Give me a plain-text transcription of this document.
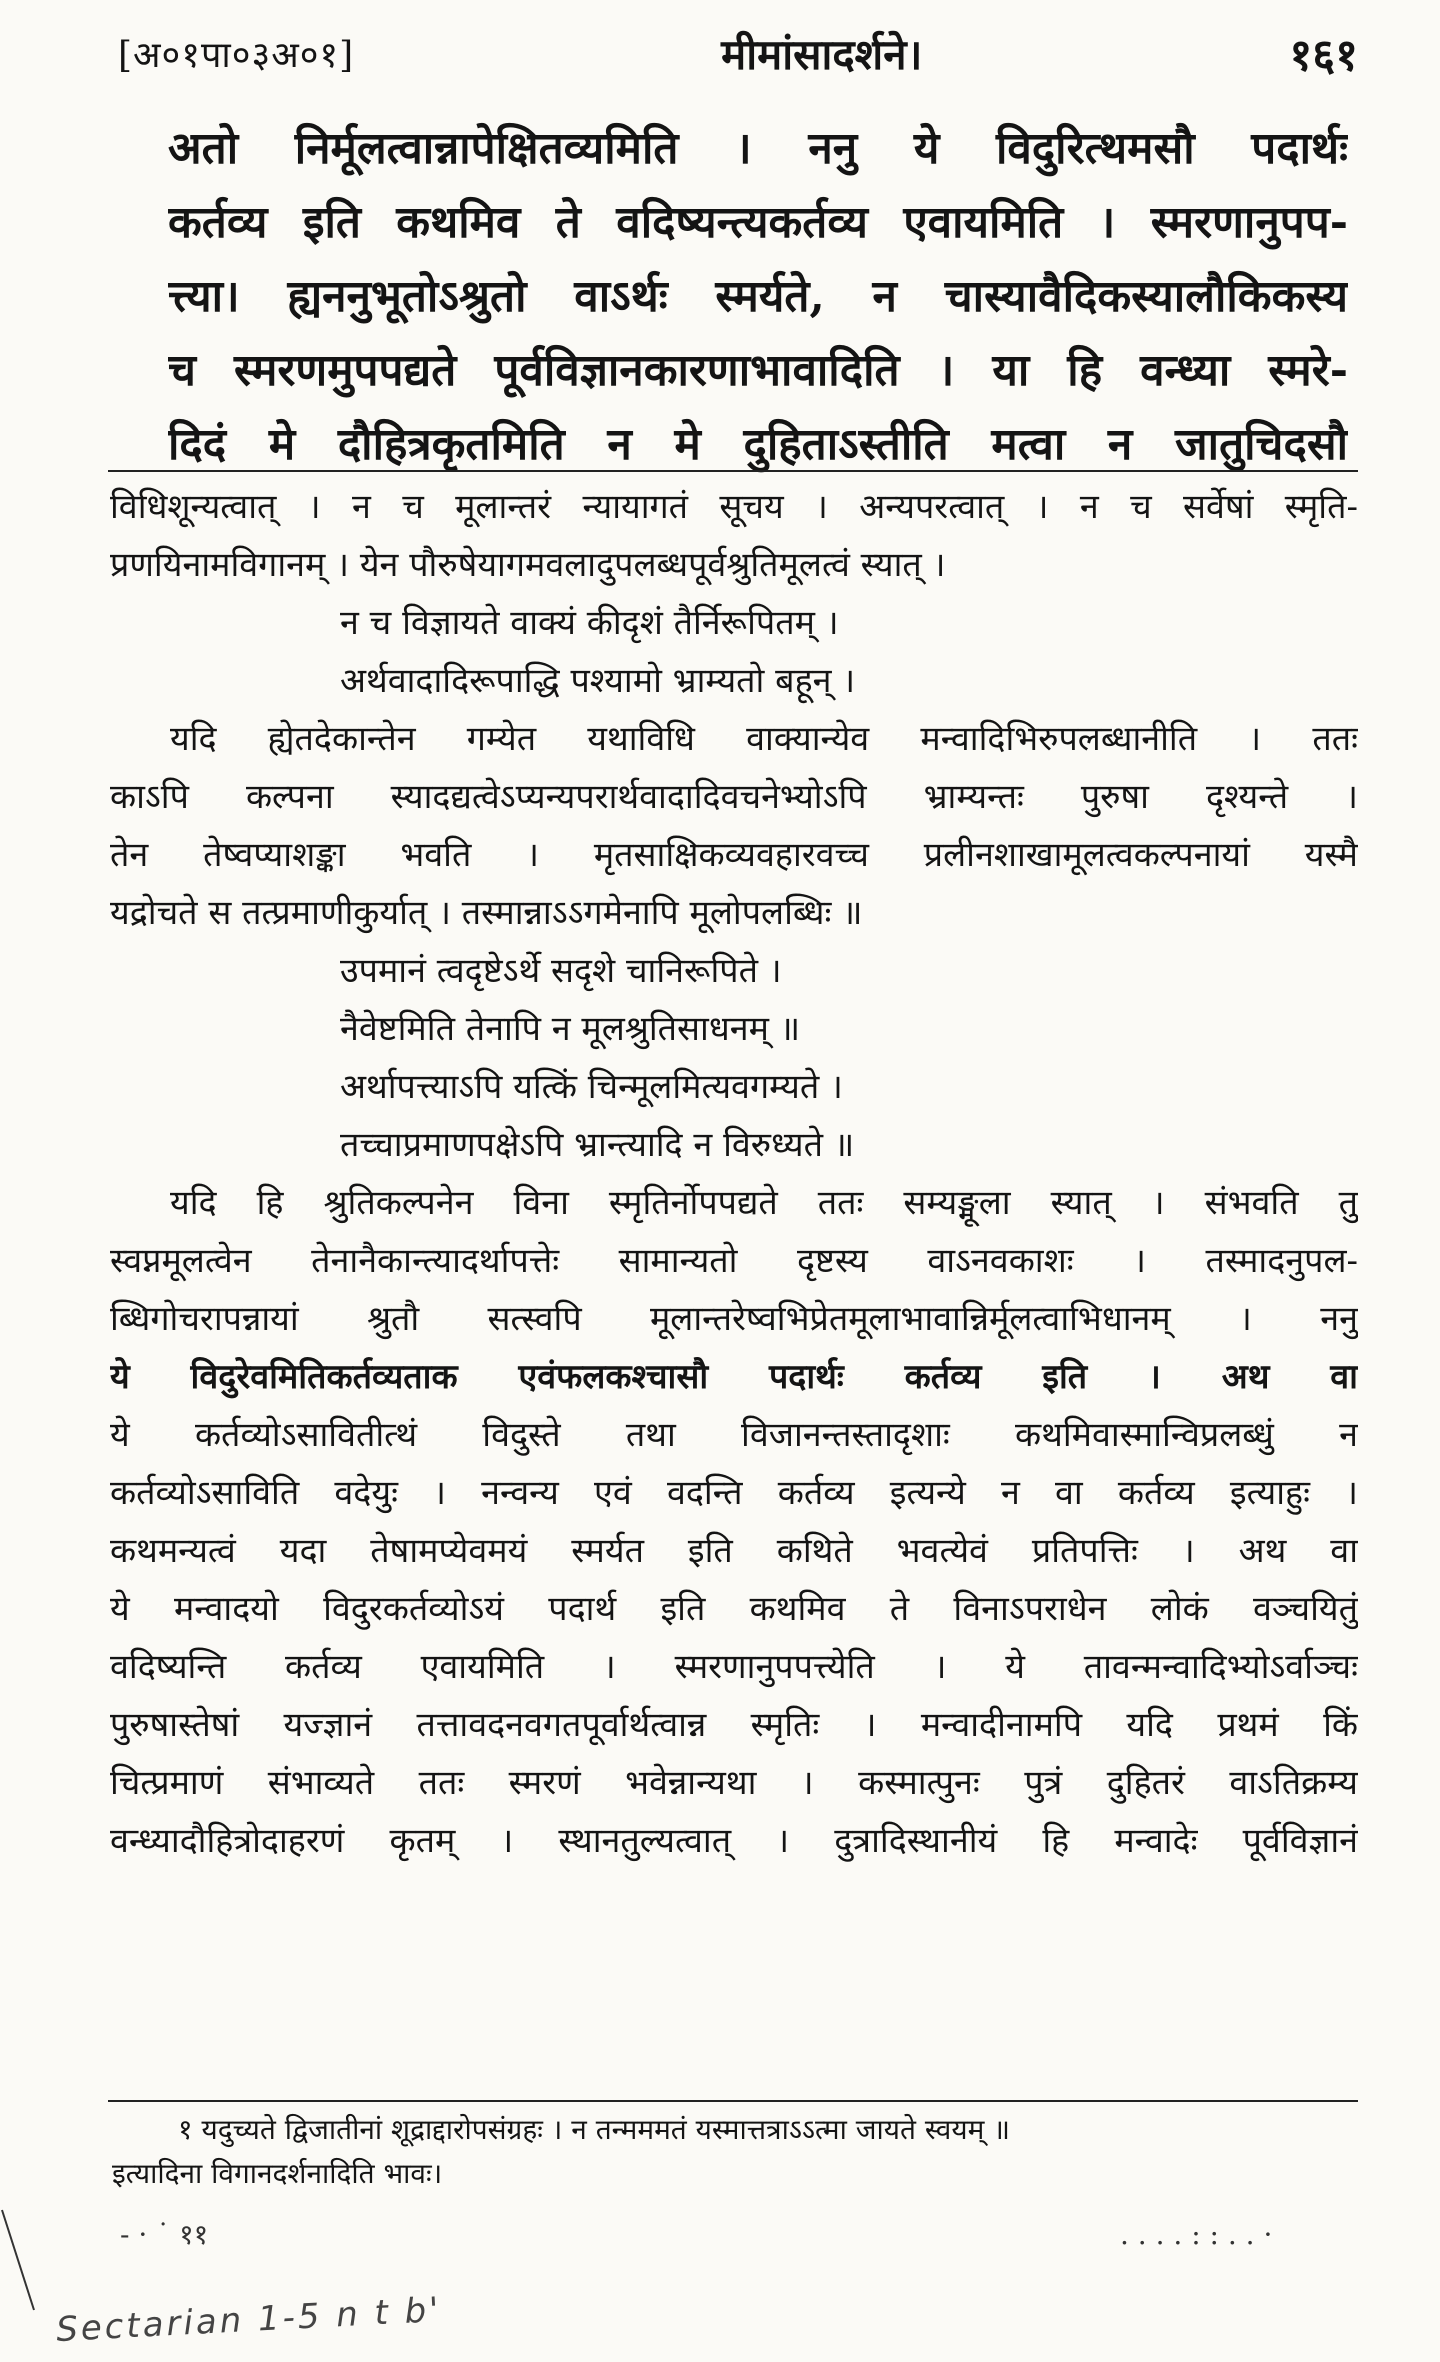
[अ०१पा०३अ०१]	मीमांसादर्शने।	१६१
अतो निर्मूलत्वान्नापेक्षितव्यमिति । ननु ये विदुरित्थमसौ पदार्थः
कर्तव्य इति कथमिव ते वदिष्यन्त्यकर्तव्य एवायमिति । स्मरणानुपप-
त्त्या। ह्यननुभूतोऽश्रुतो वाऽर्थः स्मर्यते, न चास्यावैदिकस्यालौकिकस्य
च स्मरणमुपपद्यते पूर्वविज्ञानकारणाभावादिति । या हि वन्ध्या स्मरे-
दिदं मे दौहित्रकृतमिति न मे दुहिताऽस्तीति मत्वा न जातुचिदसौ
विधिशून्यत्वात् । न च मूलान्तरं न्यायागतं सूचय । अन्यपरत्वात् । न च सर्वेषां स्मृति-
प्रणयिनामविगानम् । येन पौरुषेयागमवलादुपलब्धपूर्वश्रुतिमूलत्वं स्यात् ।
न च विज्ञायते वाक्यं कीदृशं तैर्निरूपितम् ।
अर्थवादादिरूपाद्धि पश्यामो भ्राम्यतो बहून् ।
यदि ह्येतदेकान्तेन गम्येत यथाविधि वाक्यान्येव मन्वादिभिरुपलब्धानीति । ततः
काऽपि कल्पना स्यादद्यत्वेऽप्यन्यपरार्थवादादिवचनेभ्योऽपि भ्राम्यन्तः पुरुषा दृश्यन्ते ।
तेन तेष्वप्याशङ्का भवति । मृतसाक्षिकव्यवहारवच्च प्रलीनशाखामूलत्वकल्पनायां यस्मै
यद्रोचते स तत्प्रमाणीकुर्यात् । तस्मान्नाऽऽगमेनापि मूलोपलब्धिः ॥
उपमानं त्वदृष्टेऽर्थे सदृशे चानिरूपिते ।
नैवेष्टमिति तेनापि न मूलश्रुतिसाधनम् ॥
अर्थापत्त्याऽपि यत्किं चिन्मूलमित्यवगम्यते ।
तच्चाप्रमाणपक्षेऽपि भ्रान्त्यादि न विरुध्यते ॥
यदि हि श्रुतिकल्पनेन विना स्मृतिर्नोपपद्यते ततः सम्यङ्मूला स्यात् । संभवति तु
स्वप्नमूलत्वेन तेनानैकान्त्यादर्थापत्तेः सामान्यतो दृष्टस्य वाऽनवकाशः । तस्मादनुपल-
ब्धिगोचरापन्नायां श्रुतौ सत्स्वपि मूलान्तरेष्वभिप्रेतमूलाभावान्निर्मूलत्वाभिधानम् । ननु
ये विदुरेवमितिकर्तव्यताक एवंफलकश्चासौ पदार्थः कर्तव्य इति । अथ वा
ये कर्तव्योऽसावितीत्थं विदुस्ते तथा विजानन्तस्तादृशाः कथमिवास्मान्विप्रलब्धुं न
कर्तव्योऽसाविति वदेयुः । नन्वन्य एवं वदन्ति कर्तव्य इत्यन्ये न वा कर्तव्य इत्याहुः ।
कथमन्यत्वं यदा तेषामप्येवमयं स्मर्यत इति कथिते भवत्येवं प्रतिपत्तिः । अथ वा
ये मन्वादयो विदुरकर्तव्योऽयं पदार्थ इति कथमिव ते विनाऽपराधेन लोकं वञ्चयितुं
वदिष्यन्ति कर्तव्य एवायमिति । स्मरणानुपपत्त्येति । ये तावन्मन्वादिभ्योऽर्वाञ्चः
पुरुषास्तेषां यज्ज्ञानं तत्तावदनवगतपूर्वार्थत्वान्न स्मृतिः । मन्वादीनामपि यदि प्रथमं किं
चित्प्रमाणं संभाव्यते ततः स्मरणं भवेन्नान्यथा । कस्मात्पुनः पुत्रं दुहितरं वाऽतिक्रम्य
वन्ध्यादौहित्रोदाहरणं कृतम् । स्थानतुल्यत्वात् । दुत्रादिस्थानीयं हि मन्वादेः पूर्वविज्ञानं
१ यदुच्यते द्विजातीनां शूद्राद्दारोपसंग्रहः । न तन्मममतं यस्मात्तत्राऽऽत्मा जायते स्वयम् ॥
इत्यादिना विगानदर्शनादिति भावः।
- · ˙ ११	. . . . : : . . ·
Sectarian 1-5 n t b'
